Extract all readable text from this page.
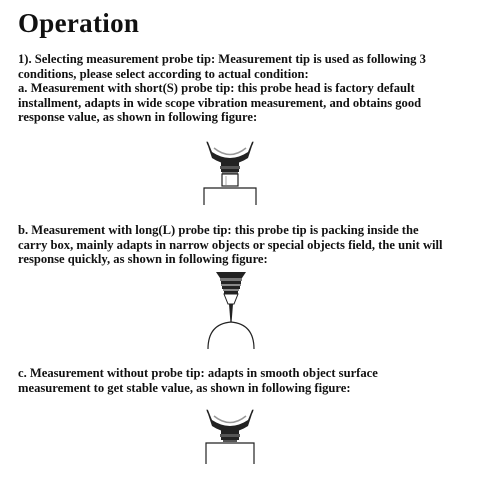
Operation
1). Selecting measurement probe tip: Measurement tip is used as following 3
conditions, please select according to actual condition:
a. Measurement with short(S) probe tip: this probe head is factory default
installment, adapts in wide scope vibration measurement, and obtains good
response value, as shown in following figure:
b. Measurement with long(L) probe tip: this probe tip is packing inside the
carry box, mainly adapts in narrow objects or special objects field, the unit will
response quickly, as shown in following figure:
c. Measurement without probe tip: adapts in smooth object surface
measurement to get stable value, as shown in following figure:
